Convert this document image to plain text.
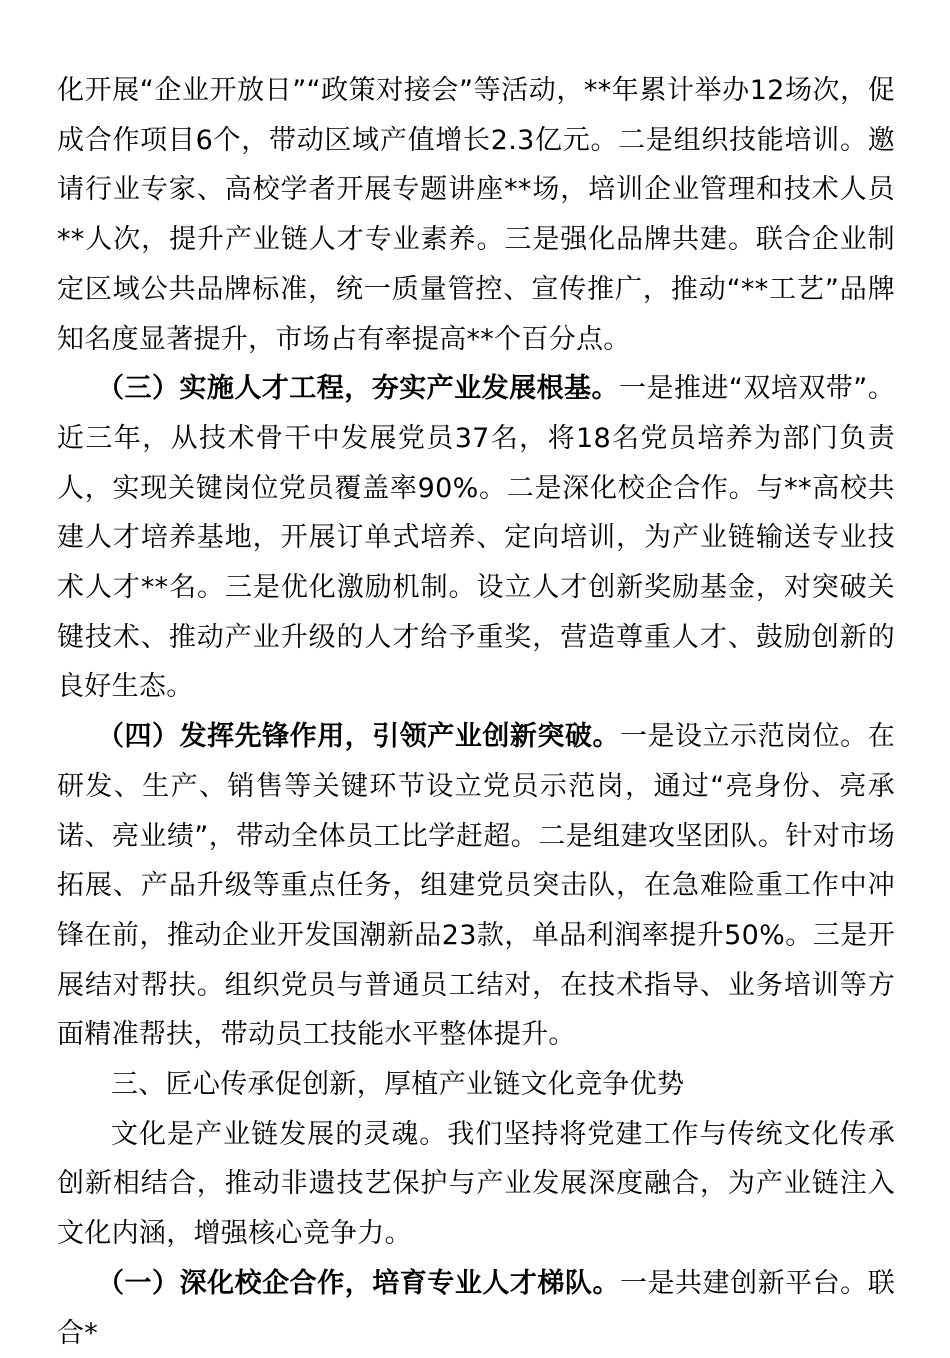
化开展“企业开放日”“政策对接会”等活动，**年累计举办12场次，促成合作项目6个，带动区域产值增长2.3亿元。二是组织技能培训。邀请行业专家、高校学者开展专题讲座**场，培训企业管理和技术人员**人次，提升产业链人才专业素养。三是强化品牌共建。联合企业制定区域公共品牌标准，统一质量管控、宣传推广，推动“**工艺”品牌知名度显著提升，市场占有率提高**个百分点。

（三）实施人才工程，夯实产业发展根基。一是推进“双培双带”。近三年，从技术骨干中发展党员37名，将18名党员培养为部门负责人，实现关键岗位党员覆盖率90%。二是深化校企合作。与**高校共建人才培养基地，开展订单式培养、定向培训，为产业链输送专业技术人才**名。三是优化激励机制。设立人才创新奖励基金，对突破关键技术、推动产业升级的人才给予重奖，营造尊重人才、鼓励创新的良好生态。

（四）发挥先锋作用，引领产业创新突破。一是设立示范岗位。在研发、生产、销售等关键环节设立党员示范岗，通过“亮身份、亮承诺、亮业绩”，带动全体员工比学赶超。二是组建攻坚团队。针对市场拓展、产品升级等重点任务，组建党员突击队，在急难险重工作中冲锋在前，推动企业开发国潮新品23款，单品利润率提升50%。三是开展结对帮扶。组织党员与普通员工结对，在技术指导、业务培训等方面精准帮扶，带动员工技能水平整体提升。

三、匠心传承促创新，厚植产业链文化竞争优势

文化是产业链发展的灵魂。我们坚持将党建工作与传统文化传承创新相结合，推动非遗技艺保护与产业发展深度融合，为产业链注入文化内涵，增强核心竞争力。

（一）深化校企合作，培育专业人才梯队。一是共建创新平台。联合*
